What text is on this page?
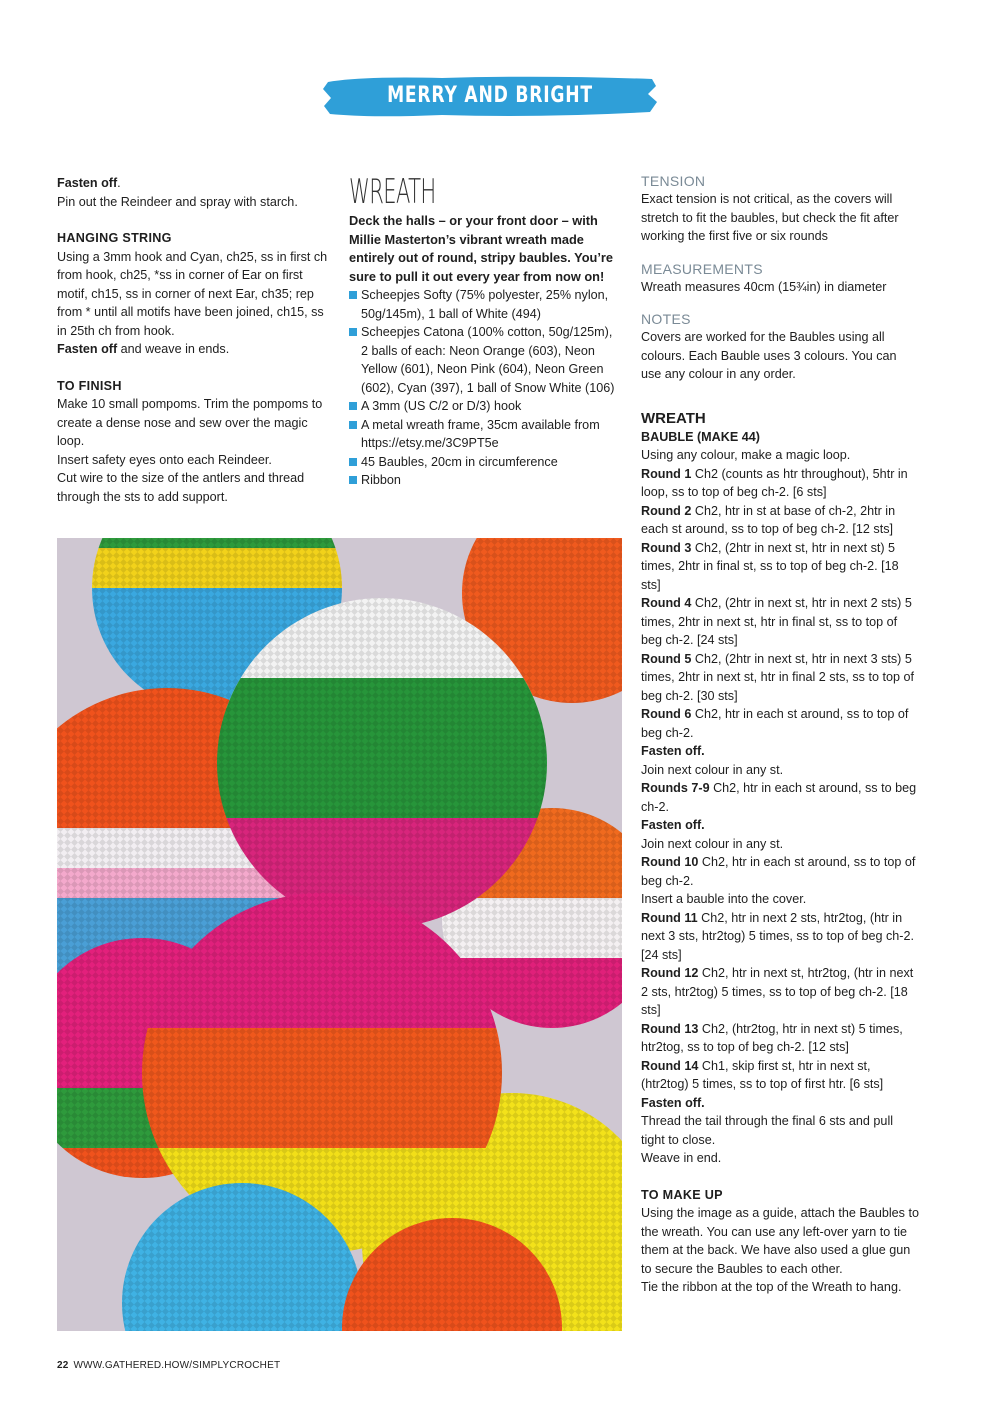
MERRY AND BRIGHT COLLECTION

Fasten off.

Pin out the Reindeer and spray with starch.

HANGING STRING

Using a 3mm hook and Cyan, ch25, ss in first ch from hook, ch25, *ss in corner of Ear on first motif, ch15, ss in corner of next Ear, ch35; rep from * until all motifs have been joined, ch15, ss in 25th ch from hook.

Fasten off and weave in ends.

TO FINISH

Make 10 small pompoms. Trim the pompoms to create a dense nose and sew over the magic loop.

Insert safety eyes onto each Reindeer.

Cut wire to the size of the antlers and thread through the sts to add support.

WREATH

Deck the halls – or your front door – with Millie Masterton’s vibrant wreath made entirely out of round, stripy baubles. You’re sure to pull it out every year from now on!

Scheepjes Softy (75% polyester, 25% nylon, 50g/145m), 1 ball of White (494)
Scheepjes Catona (100% cotton, 50g/125m), 2 balls of each: Neon Orange (603), Neon Yellow (601), Neon Pink (604), Neon Green (602), Cyan (397), 1 ball of Snow White (106)
A 3mm (US C/2 or D/3) hook
A metal wreath frame, 35cm available from https://etsy.me/3C9PT5e
45 Baubles, 20cm in circumference
Ribbon

TENSION

Exact tension is not critical, as the covers will stretch to fit the baubles, but check the fit after working the first five or six rounds

MEASUREMENTS

Wreath measures 40cm (15¾in) in diameter

NOTES

Covers are worked for the Baubles using all colours. Each Bauble uses 3 colours. You can use any colour in any order.

WREATH

BAUBLE (MAKE 44)

Using any colour, make a magic loop.

Round 1 Ch2 (counts as htr throughout), 5htr in loop, ss to top of beg ch-2. [6 sts]

Round 2 Ch2, htr in st at base of ch-2, 2htr in each st around, ss to top of beg ch-2. [12 sts]

Round 3 Ch2, (2htr in next st, htr in next st) 5 times, 2htr in final st, ss to top of beg ch-2. [18 sts]

Round 4 Ch2, (2htr in next st, htr in next 2 sts) 5 times, 2htr in next st, htr in final st, ss to top of beg ch-2. [24 sts]

Round 5 Ch2, (2htr in next st, htr in next 3 sts) 5 times, 2htr in next st, htr in final 2 sts, ss to top of beg ch-2. [30 sts]

Round 6 Ch2, htr in each st around, ss to top of beg ch-2.

Fasten off.

Join next colour in any st.

Rounds 7-9 Ch2, htr in each st around, ss to beg ch-2.

Fasten off.

Join next colour in any st.

Round 10 Ch2, htr in each st around, ss to top of beg ch-2.

Insert a bauble into the cover.

Round 11 Ch2, htr in next 2 sts, htr2tog, (htr in next 3 sts, htr2tog) 5 times, ss to top of beg ch-2. [24 sts]

Round 12 Ch2, htr in next st, htr2tog, (htr in next 2 sts, htr2tog) 5 times, ss to top of beg ch-2. [18 sts]

Round 13 Ch2, (htr2tog, htr in next st) 5 times, htr2tog, ss to top of beg ch-2. [12 sts]

Round 14 Ch1, skip first st, htr in next st, (htr2tog) 5 times, ss to top of first htr. [6 sts]

Fasten off.

Thread the tail through the final 6 sts and pull tight to close.

Weave in end.

TO MAKE UP

Using the image as a guide, attach the Baubles to the wreath. You can use any left-over yarn to tie them at the back. We have also used a glue gun to secure the Baubles to each other.

Tie the ribbon at the top of the Wreath to hang.

22 WWW.GATHERED.HOW/SIMPLYCROCHET
